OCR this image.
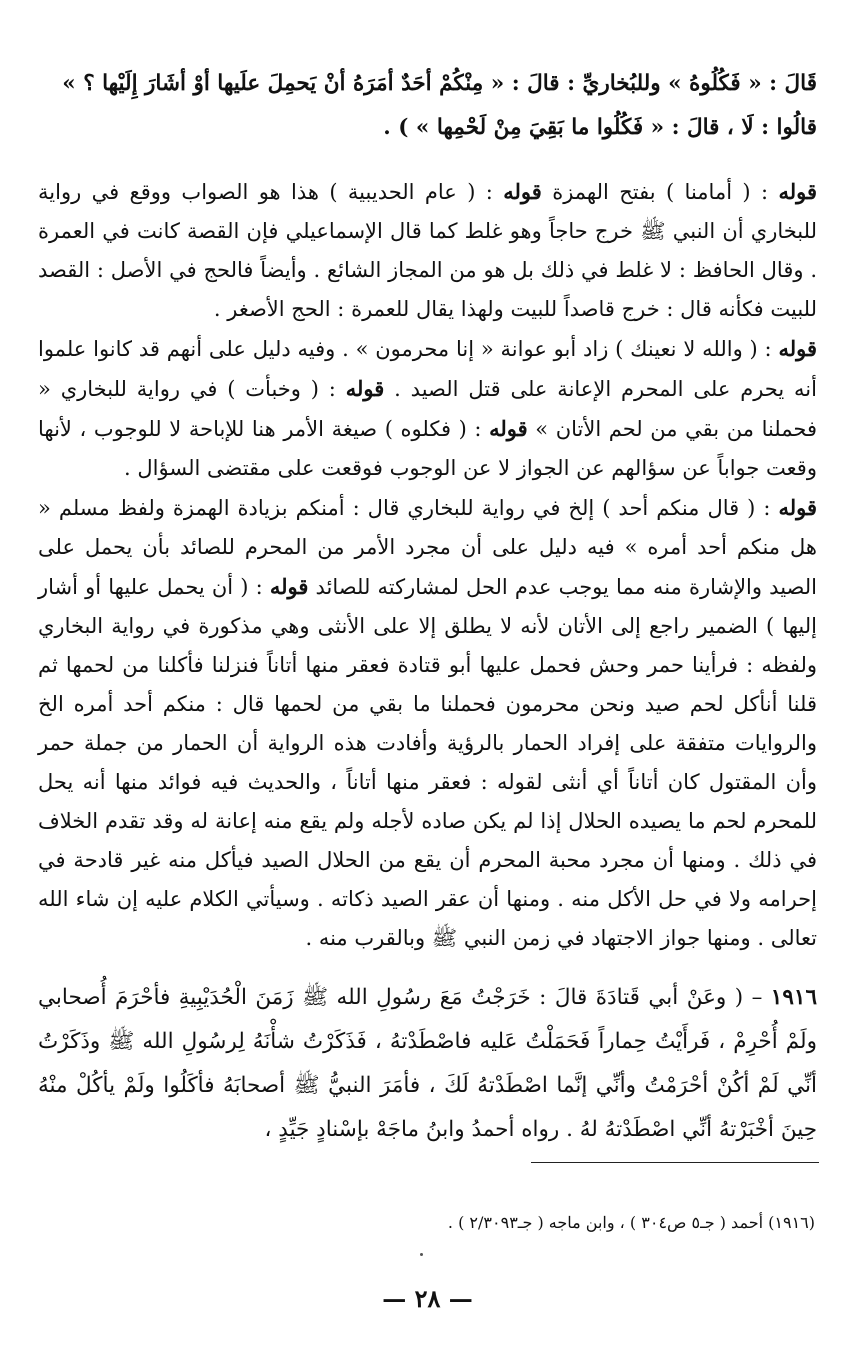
قَالَ : « فَكُلُوهُ » وللبُخاريِّ : قالَ : « مِنْكُمْ أحَدٌ أمَرَهُ أنْ يَحمِلَ علَيها أوْ أشَارَ إِلَيْها ؟ »
قالُوا : لَا ، قالَ : « فَكُلُوا ما بَقِيَ مِنْ لَحْمِها » ) .

قوله : ( أمامنا ) بفتح الهمزة قوله : ( عام الحديبية ) هذا هو الصواب ووقع في رواية للبخاري أن النبي ﷺ خرج حاجاً وهو غلط كما قال الإسماعيلي فإن القصة كانت في العمرة . وقال الحافظ : لا غلط في ذلك بل هو من المجاز الشائع . وأيضاً فالحج في الأصل : القصد للبيت فكأنه قال : خرج قاصداً للبيت ولهذا يقال للعمرة : الحج الأصغر .
قوله : ( والله لا نعينك ) زاد أبو عوانة « إنا محرمون » . وفيه دليل على أنهم قد كانوا علموا أنه يحرم على المحرم الإعانة على قتل الصيد . قوله : ( وخبأت ) في رواية للبخاري « فحملنا من بقي من لحم الأتان » قوله : ( فكلوه ) صيغة الأمر هنا للإباحة لا للوجوب ، لأنها وقعت جواباً عن سؤالهم عن الجواز لا عن الوجوب فوقعت على مقتضى السؤال .
قوله : ( قال منكم أحد ) إلخ في رواية للبخاري قال : أمنكم بزيادة الهمزة ولفظ مسلم « هل منكم أحد أمره » فيه دليل على أن مجرد الأمر من المحرم للصائد بأن يحمل على الصيد والإشارة منه مما يوجب عدم الحل لمشاركته للصائد قوله : ( أن يحمل عليها أو أشار إليها ) الضمير راجع إلى الأتان لأنه لا يطلق إلا على الأنثى وهي مذكورة في رواية البخاري ولفظه : فرأينا حمر وحش فحمل عليها أبو قتادة فعقر منها أتاناً فنزلنا فأكلنا من لحمها ثم قلنا أنأكل لحم صيد ونحن محرمون فحملنا ما بقي من لحمها قال : منكم أحد أمره الخ والروايات متفقة على إفراد الحمار بالرؤية وأفادت هذه الرواية أن الحمار من جملة حمر وأن المقتول كان أتاناً أي أنثى لقوله : فعقر منها أتاناً ، والحديث فيه فوائد منها أنه يحل للمحرم لحم ما يصيده الحلال إذا لم يكن صاده لأجله ولم يقع منه إعانة له وقد تقدم الخلاف في ذلك . ومنها أن مجرد محبة المحرم أن يقع من الحلال الصيد فيأكل منه غير قادحة في إحرامه ولا في حل الأكل منه . ومنها أن عقر الصيد ذكاته . وسيأتي الكلام عليه إن شاء الله تعالى . ومنها جواز الاجتهاد في زمن النبي ﷺ وبالقرب منه .

١٩١٦ – ( وعَنْ أبي قَتادَةَ قالَ : خَرَجْتُ مَعَ رسُولِ الله ﷺ زَمَنَ الْحُدَيْبِيةِ فأحْرَمَ أُصحابي ولَمْ أُحْرِمْ ، فَرأَيْتُ حِماراً فَحَمَلْتُ عَليه فاصْطَدْتهُ ، فَذَكَرْتُ شأْنَهُ لِرسُولِ الله ﷺ وذَكَرْتُ أنِّي لَمْ أكُنْ أحْرَمْتُ وأنِّي إنَّما اصْطَدْتهُ لَكَ ، فأمَرَ النبيُّ ﷺ أصحابَهُ فأكَلُوا ولَمْ يأكُلْ منْهُ حِينَ أخْبَرْتهُ أنِّي اصْطَدْتهُ لهُ . رواه أحمدُ وابنُ ماجَهْ بإسْنادٍ جَيِّدٍ ،

(١٩١٦) أحمد ( جـ٥ ص٣٠٤ ) ، وابن ماجه ( جـ٢/٣٠٩٣ ) .

— ٢٨ —
